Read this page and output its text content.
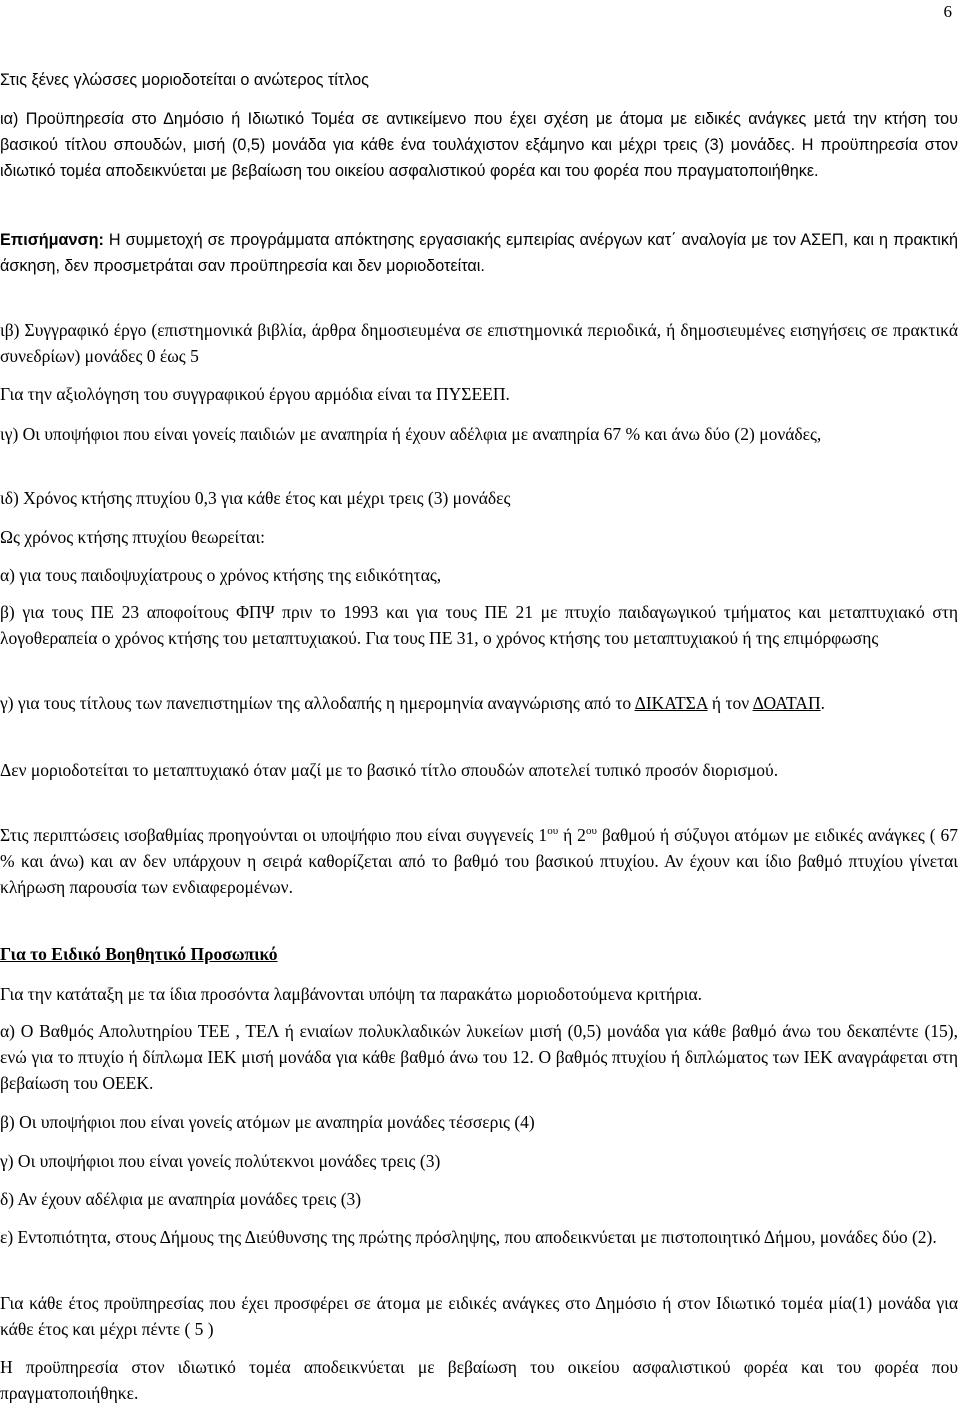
6

Στις ξένες γλώσσες μοριοδοτείται ο ανώτερος τίτλος

ια) Προϋπηρεσία στο Δημόσιο ή Ιδιωτικό Τομέα σε αντικείμενο που έχει σχέση με άτομα με ειδικές ανάγκες μετά την κτήση του βασικού τίτλου σπουδών, μισή (0,5) μονάδα για κάθε ένα τουλάχιστον εξάμηνο και μέχρι τρεις (3) μονάδες. Η προϋπηρεσία στον ιδιωτικό τομέα αποδεικνύεται με βεβαίωση του οικείου ασφαλιστικού φορέα και του φορέα που πραγματοποιήθηκε.

Επισήμανση: Η συμμετοχή σε προγράμματα απόκτησης εργασιακής εμπειρίας ανέργων κατ΄ αναλογία με τον ΑΣΕΠ, και η πρακτική άσκηση, δεν προσμετράται σαν προϋπηρεσία και δεν μοριοδοτείται.

ιβ) Συγγραφικό έργο (επιστημονικά βιβλία, άρθρα δημοσιευμένα σε επιστημονικά περιοδικά, ή δημοσιευμένες εισηγήσεις σε πρακτικά συνεδρίων) μονάδες 0 έως 5

Για την αξιολόγηση του συγγραφικού έργου αρμόδια είναι τα ΠΥΣΕΕΠ.

ιγ) Οι υποψήφιοι που είναι γονείς παιδιών με αναπηρία ή έχουν αδέλφια με αναπηρία 67 % και άνω δύο (2) μονάδες,

ιδ) Χρόνος κτήσης πτυχίου 0,3 για κάθε έτος και μέχρι τρεις (3) μονάδες

Ως χρόνος κτήσης πτυχίου θεωρείται:

α) για τους παιδοψυχίατρους ο χρόνος κτήσης της ειδικότητας,

β) για τους ΠΕ 23 αποφοίτους ΦΠΨ πριν το 1993 και για τους ΠΕ 21 με πτυχίο παιδαγωγικού τμήματος και μεταπτυχιακό στη λογοθεραπεία ο χρόνος κτήσης του μεταπτυχιακού. Για τους ΠΕ 31, ο χρόνος κτήσης του μεταπτυχιακού ή της επιμόρφωσης

γ) για τους τίτλους των πανεπιστημίων της αλλοδαπής η ημερομηνία αναγνώρισης από το ΔΙΚΑΤΣΑ ή τον ΔΟΑΤΑΠ.

Δεν μοριοδοτείται το μεταπτυχιακό όταν μαζί με το βασικό τίτλο σπουδών αποτελεί τυπικό προσόν διορισμού.

Στις περιπτώσεις ισοβαθμίας προηγούνται οι υποψήφιο που είναι συγγενείς $1^{o\upsilon}$ ή $2^{o\upsilon}$ βαθμού ή σύζυγοι ατόμων με ειδικές ανάγκες ( 67 % και άνω) και αν δεν υπάρχουν η σειρά καθορίζεται από το βαθμό του βασικού πτυχίου. Αν έχουν και ίδιο βαθμό πτυχίου γίνεται κλήρωση παρουσία των ενδιαφερομένων.

Για το Ειδικό Βοηθητικό Προσωπικό

Για την κατάταξη με τα ίδια προσόντα λαμβάνονται υπόψη τα παρακάτω μοριοδοτούμενα κριτήρια.

α) Ο Βαθμός Απολυτηρίου ΤΕΕ , ΤΕΛ ή ενιαίων πολυκλαδικών λυκείων μισή (0,5) μονάδα για κάθε βαθμό άνω του δεκαπέντε (15), ενώ για το πτυχίο ή δίπλωμα ΙΕΚ μισή μονάδα για κάθε βαθμό άνω του 12. Ο βαθμός πτυχίου ή διπλώματος των ΙΕΚ αναγράφεται στη βεβαίωση του ΟΕΕΚ.

β) Οι υποψήφιοι που είναι γονείς ατόμων με αναπηρία μονάδες τέσσερις (4)

γ) Οι υποψήφιοι που είναι γονείς πολύτεκνοι μονάδες τρεις (3)

δ) Αν έχουν αδέλφια με αναπηρία μονάδες τρεις (3)

ε) Εντοπιότητα, στους Δήμους της Διεύθυνσης της πρώτης πρόσληψης, που αποδεικνύεται με πιστοποιητικό Δήμου, μονάδες δύο (2).

Για κάθε έτος προϋπηρεσίας που έχει προσφέρει σε άτομα με ειδικές ανάγκες στο Δημόσιο ή στον Ιδιωτικό τομέα μία(1) μονάδα για κάθε έτος και μέχρι πέντε ( 5 )

Η προϋπηρεσία στον ιδιωτικό τομέα αποδεικνύεται με βεβαίωση του οικείου ασφαλιστικού φορέα και του φορέα που πραγματοποιήθηκε.
